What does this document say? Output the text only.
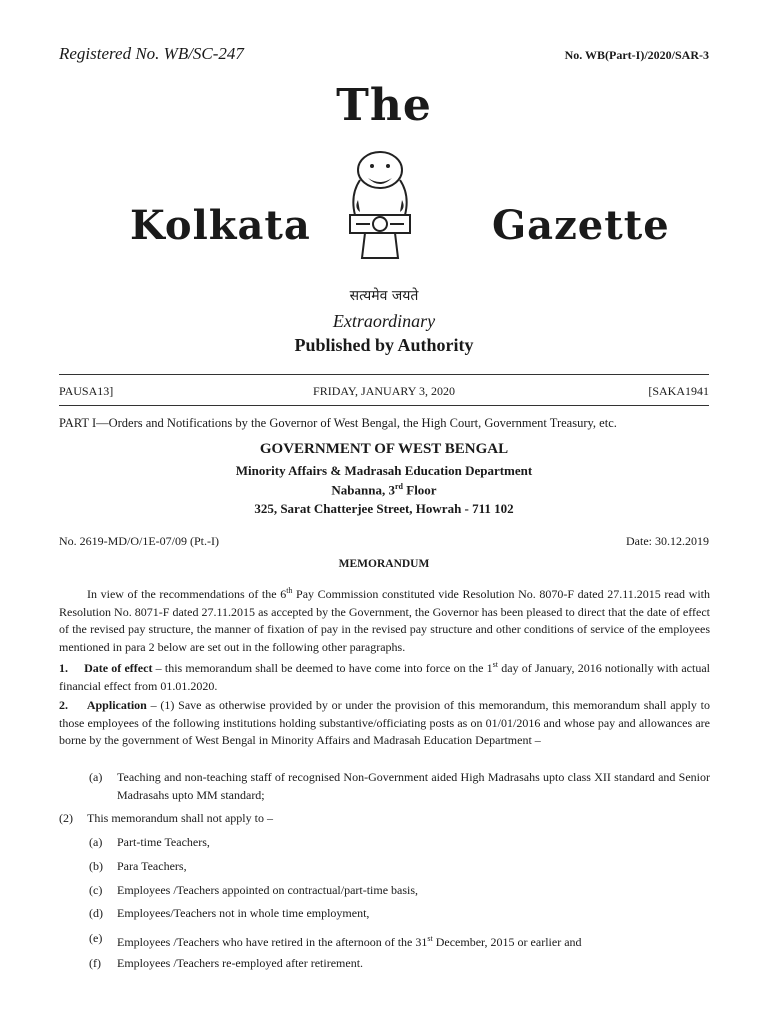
Registered No. WB/SC-247	No. WB(Part-I)/2020/SAR-3
The
Kolkata	Gazette
सत्यमेव जयते
Extraordinary
Published by Authority
PAUSA13]	FRIDAY, JANUARY 3, 2020	[SAKA1941
PART I—Orders and Notifications by the Governor of West Bengal, the High Court, Government Treasury, etc.
GOVERNMENT OF WEST BENGAL
Minority Affairs & Madrasah Education Department
Nabanna, 3rd Floor
325, Sarat Chatterjee Street, Howrah - 711 102
No. 2619-MD/O/1E-07/09 (Pt.-I)	Date: 30.12.2019
MEMORANDUM
In view of the recommendations of the 6th Pay Commission constituted vide Resolution No. 8070-F dated 27.11.2015 read with Resolution No. 8071-F dated 27.11.2015 as accepted by the Government, the Governor has been pleased to direct that the date of effect of the revised pay structure, the manner of fixation of pay in the revised pay structure and other conditions of service of the employees mentioned in para 2 below are set out in the following other paragraphs.
1. Date of effect – this memorandum shall be deemed to have come into force on the 1st day of January, 2016 notionally with actual financial effect from 01.01.2020.
2. Application – (1) Save as otherwise provided by or under the provision of this memorandum, this memorandum shall apply to those employees of the following institutions holding substantive/officiating posts as on 01/01/2016 and whose pay and allowances are borne by the government of West Bengal in Minority Affairs and Madrasah Education Department –
(a) Teaching and non-teaching staff of recognised Non-Government aided High Madrasahs upto class XII standard and Senior Madrasahs upto MM standard;
(2) This memorandum shall not apply to –
(a) Part-time Teachers,
(b) Para Teachers,
(c) Employees /Teachers appointed on contractual/part-time basis,
(d) Employees/Teachers not in whole time employment,
(e) Employees /Teachers who have retired in the afternoon of the 31st December, 2015 or earlier and
(f) Employees /Teachers re-employed after retirement.
